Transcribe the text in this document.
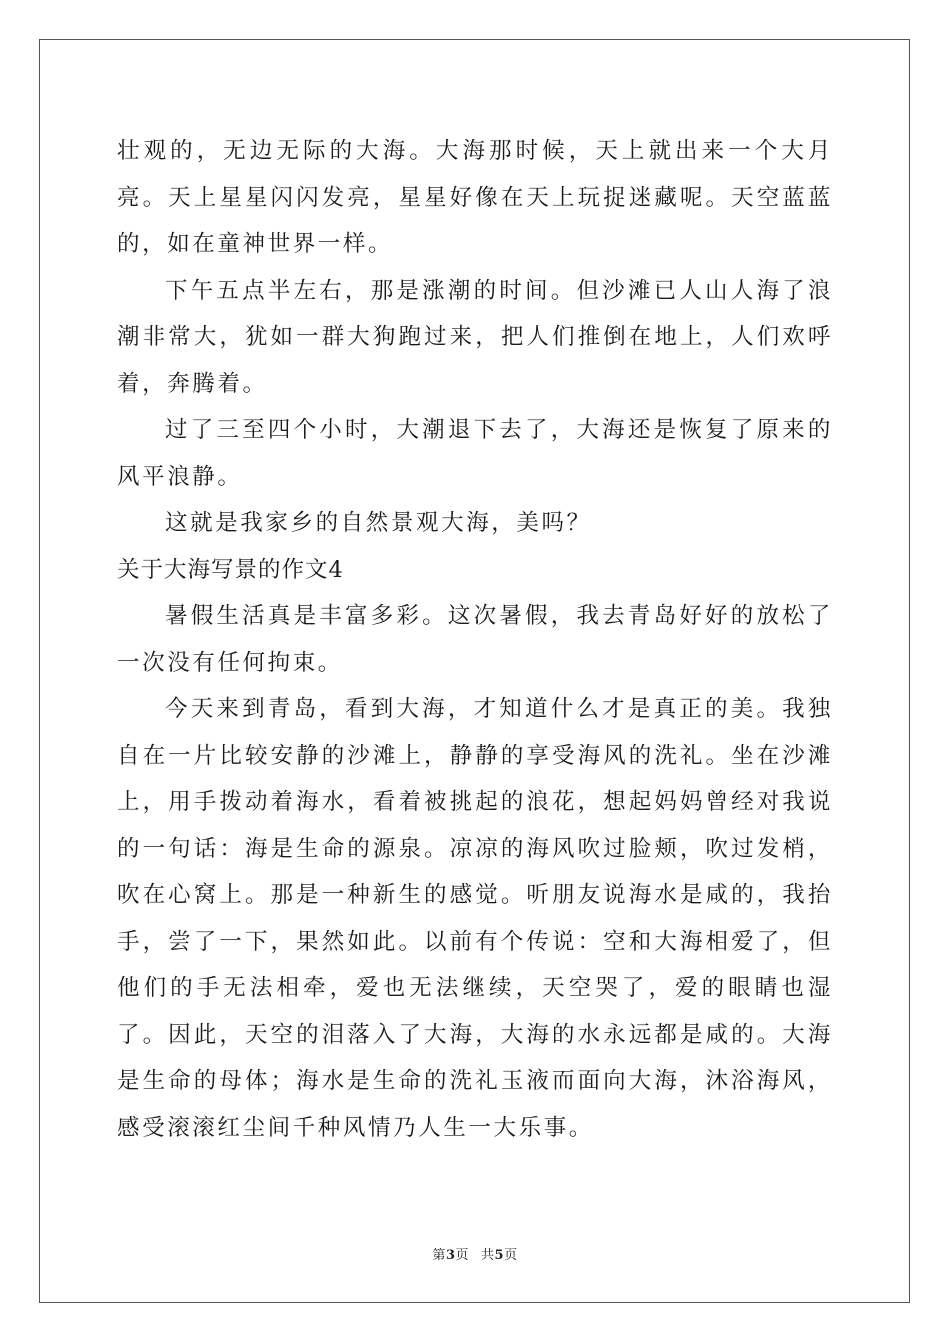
壮观的，无边无际的大海。大海那时候，天上就出来一个大月亮。天上星星闪闪发亮，星星好像在天上玩捉迷藏呢。天空蓝蓝的，如在童神世界一样。

下午五点半左右，那是涨潮的时间。但沙滩已人山人海了浪潮非常大，犹如一群大狗跑过来，把人们推倒在地上，人们欢呼着，奔腾着。

过了三至四个小时，大潮退下去了，大海还是恢复了原来的风平浪静。

这就是我家乡的自然景观大海，美吗？

关于大海写景的作文4

暑假生活真是丰富多彩。这次暑假，我去青岛好好的放松了一次没有任何拘束。

今天来到青岛，看到大海，才知道什么才是真正的美。我独自在一片比较安静的沙滩上，静静的享受海风的洗礼。坐在沙滩上，用手拨动着海水，看着被挑起的浪花，想起妈妈曾经对我说的一句话：海是生命的源泉。凉凉的海风吹过脸颊，吹过发梢，吹在心窝上。那是一种新生的感觉。听朋友说海水是咸的，我抬手，尝了一下，果然如此。以前有个传说：空和大海相爱了，但他们的手无法相牵，爱也无法继续，天空哭了，爱的眼睛也湿了。因此，天空的泪落入了大海，大海的水永远都是咸的。大海是生命的母体；海水是生命的洗礼玉液而面向大海，沐浴海风，感受滚滚红尘间千种风情乃人生一大乐事。

第3页 共5页
